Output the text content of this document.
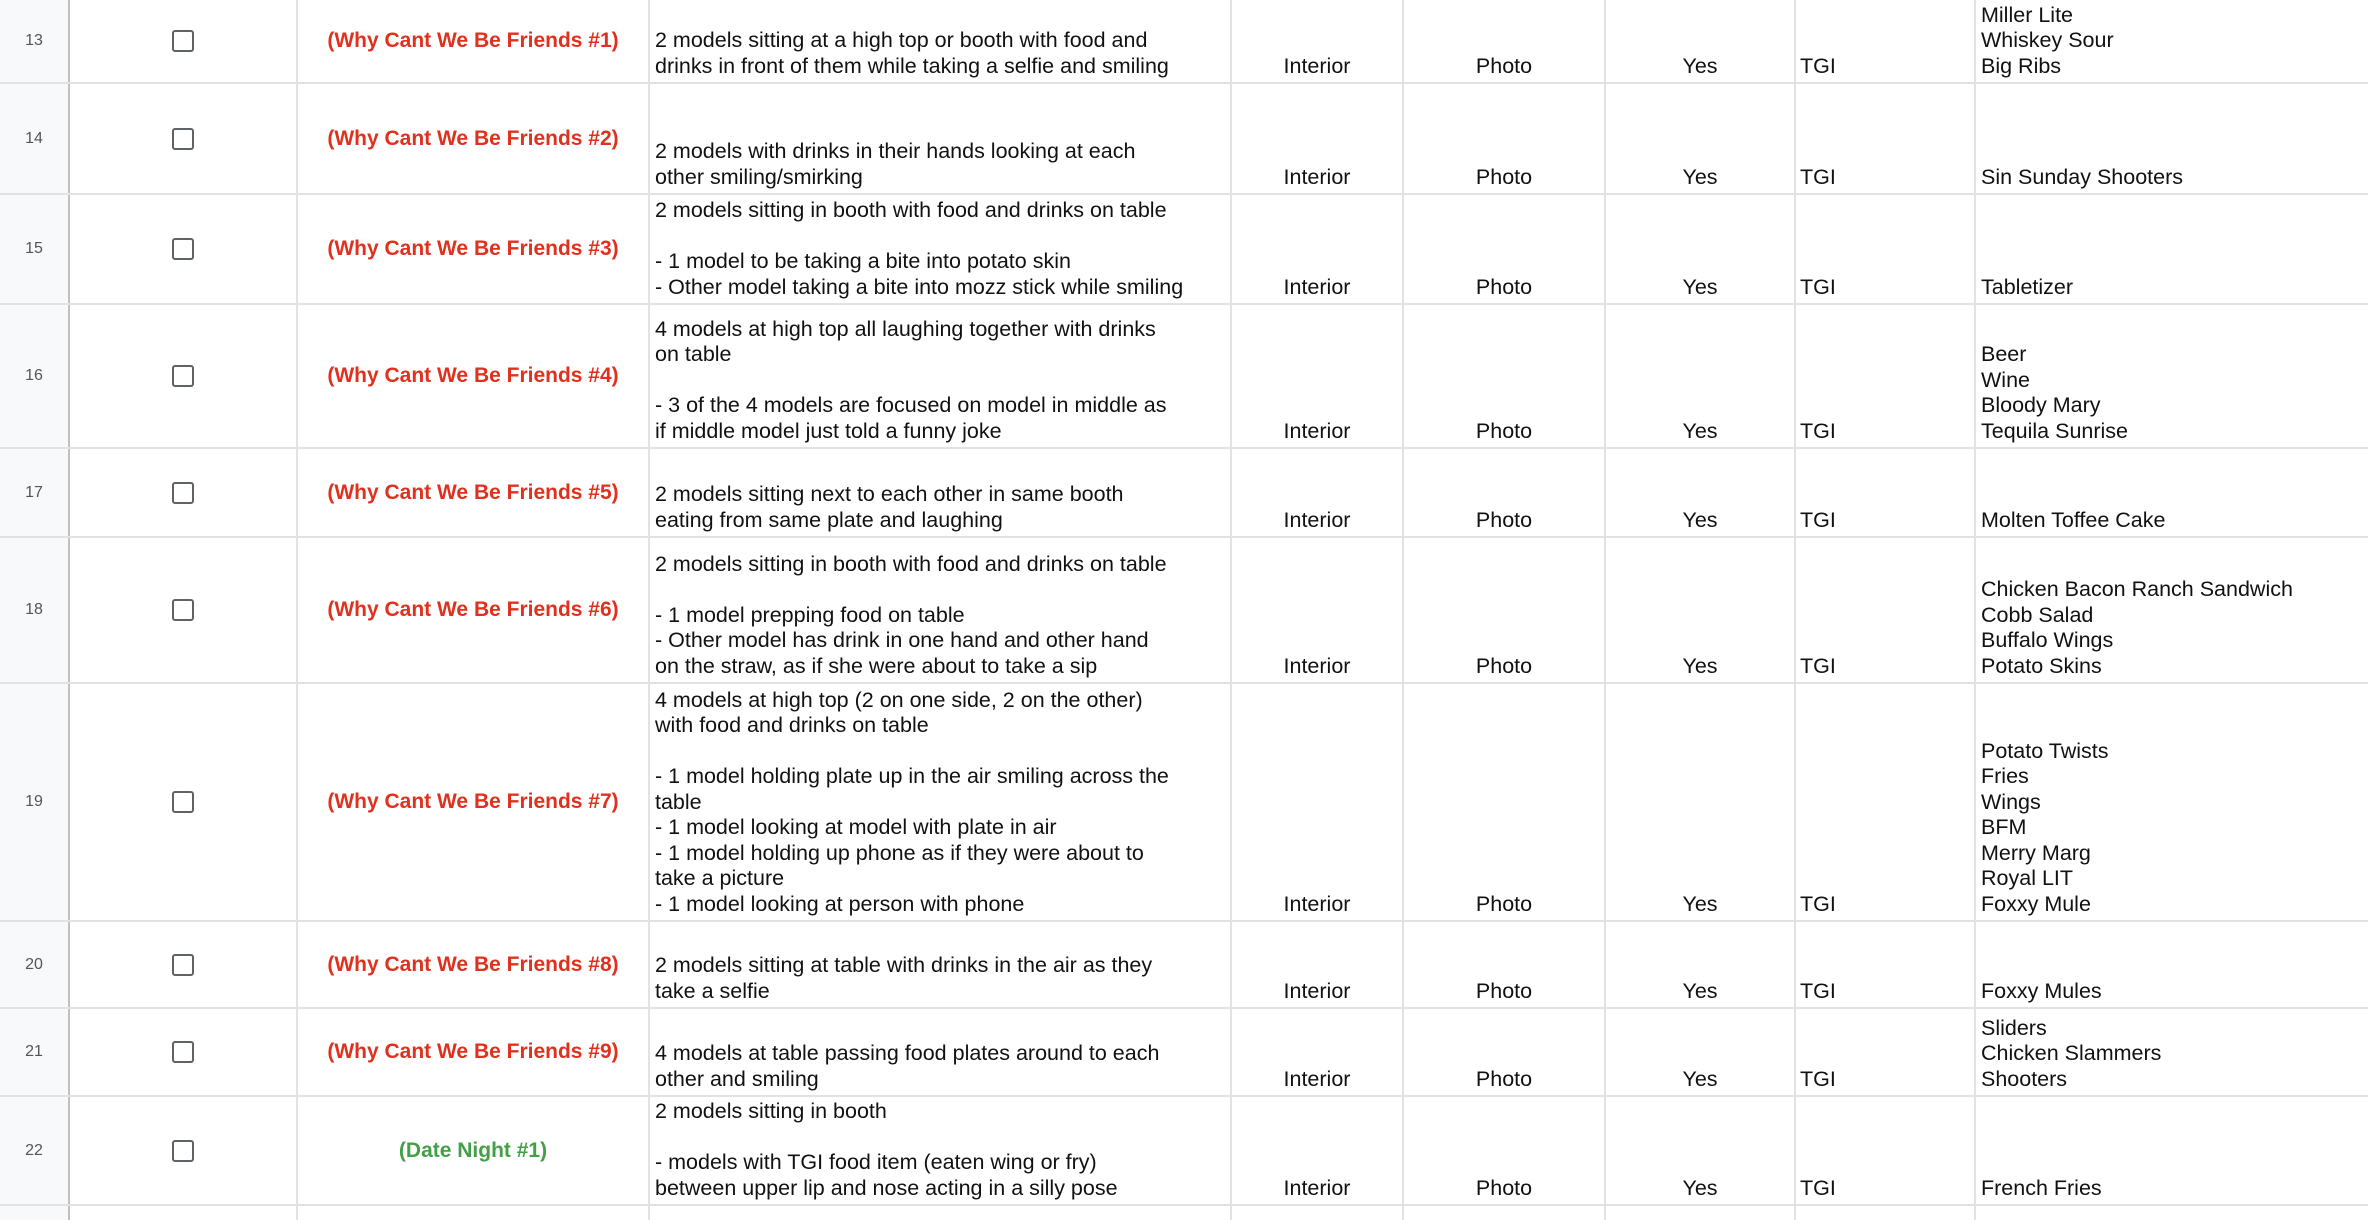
13	(Why Cant We Be Friends #1)	2 models sitting at a high top or booth with food and
drinks in front of them while taking a selfie and smiling	Interior	Photo	Yes	TGI
Miller Lite
Whiskey Sour
Big Ribs
14	(Why Cant We Be Friends #2)
2 models with drinks in their hands looking at each
other smiling/smirking	Interior	Photo	Yes	TGI	Sin Sunday Shooters
15	(Why Cant We Be Friends #3)
2 models sitting in booth with food and drinks on table
- 1 model to be taking a bite into potato skin
- Other model taking a bite into mozz stick while smiling	Interior	Photo	Yes	TGI	Tabletizer
16	(Why Cant We Be Friends #4)
4 models at high top all laughing together with drinks
on table
- 3 of the 4 models are focused on model in middle as
if middle model just told a funny joke	Interior	Photo	Yes	TGI
Beer
Wine
Bloody Mary
Tequila Sunrise
17	(Why Cant We Be Friends #5)	2 models sitting next to each other in same booth
eating from same plate and laughing	Interior	Photo	Yes	TGI	Molten Toffee Cake
18	(Why Cant We Be Friends #6)
2 models sitting in booth with food and drinks on table
- 1 model prepping food on table
- Other model has drink in one hand and other hand
on the straw, as if she were about to take a sip	Interior	Photo	Yes	TGI
Chicken Bacon Ranch Sandwich
Cobb Salad
Buffalo Wings
Potato Skins
19	(Why Cant We Be Friends #7)
4 models at high top (2 on one side, 2 on the other)
with food and drinks on table
- 1 model holding plate up in the air smiling across the
table
- 1 model looking at model with plate in air
- 1 model holding up phone as if they were about to
take a picture
- 1 model looking at person with phone	Interior	Photo	Yes	TGI
Potato Twists
Fries
Wings
BFM
Merry Marg
Royal LIT
Foxxy Mule
20	(Why Cant We Be Friends #8)	2 models sitting at table with drinks in the air as they
take a selfie	Interior	Photo	Yes	TGI	Foxxy Mules
21	(Why Cant We Be Friends #9)	4 models at table passing food plates around to each
other and smiling	Interior	Photo	Yes	TGI
Sliders
Chicken Slammers
Shooters
22	(Date Night #1)
2 models sitting in booth
- models with TGI food item (eaten wing or fry)
between upper lip and nose acting in a silly pose	Interior	Photo	Yes	TGI	French Fries
